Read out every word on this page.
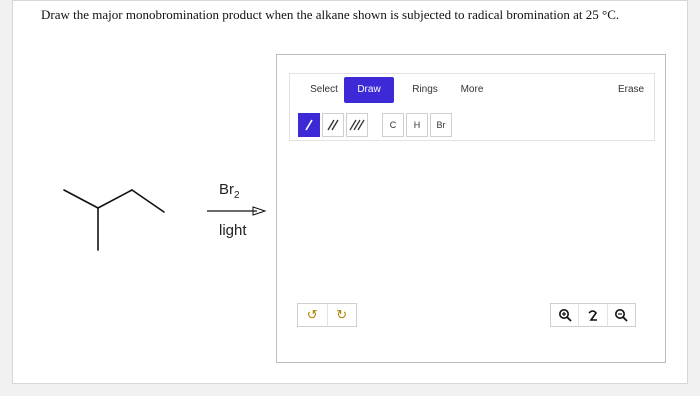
Draw the major monobromination product when the alkane shown is subjected to radical bromination at 25 °C.
$Br_2$
light
Select	Draw	Rings	More	Erase
C	H	Br
↺ ↻
